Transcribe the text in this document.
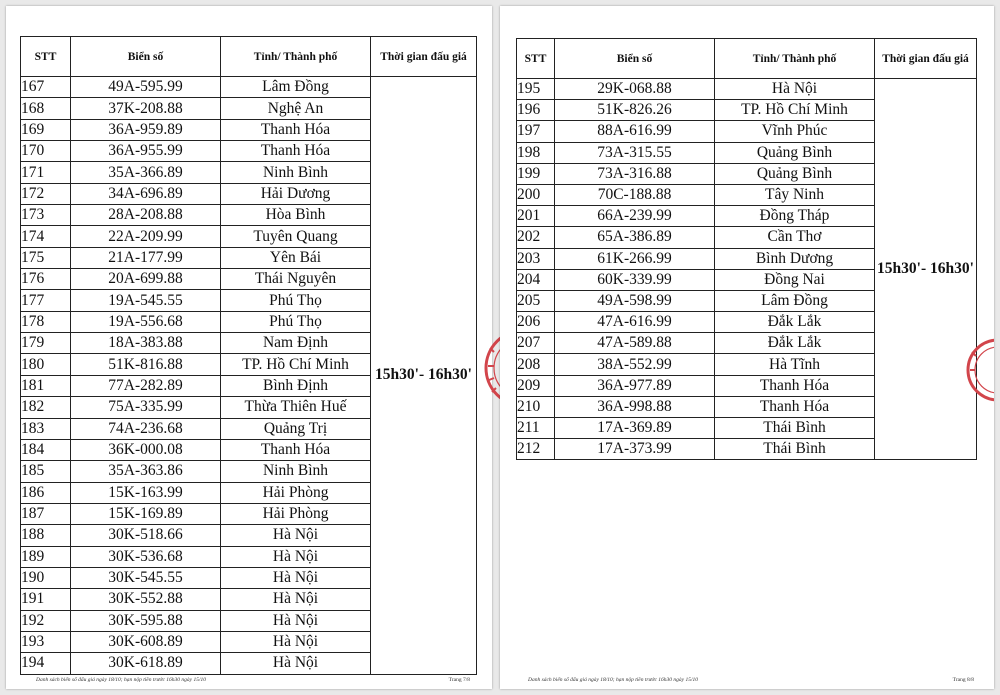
STT	Biển số	Tỉnh/ Thành phố	Thời gian đấu giá
167	49A-595.99	Lâm Đồng	15h30'- 16h30'
168	37K-208.88	Nghệ An	
169	36A-959.89	Thanh Hóa	
170	36A-955.99	Thanh Hóa	
171	35A-366.89	Ninh Bình	
172	34A-696.89	Hải Dương	
173	28A-208.88	Hòa Bình	
174	22A-209.99	Tuyên Quang	
175	21A-177.99	Yên Bái	
176	20A-699.88	Thái Nguyên	
177	19A-545.55	Phú Thọ	
178	19A-556.68	Phú Thọ	
179	18A-383.88	Nam Định	
180	51K-816.88	TP. Hồ Chí Minh	
181	77A-282.89	Bình Định	
182	75A-335.99	Thừa Thiên Huế	
183	74A-236.68	Quảng Trị	
184	36K-000.08	Thanh Hóa	
185	35A-363.86	Ninh Bình	
186	15K-163.99	Hải Phòng	
187	15K-169.89	Hải Phòng	
188	30K-518.66	Hà Nội	
189	30K-536.68	Hà Nội	
190	30K-545.55	Hà Nội	
191	30K-552.88	Hà Nội	
192	30K-595.88	Hà Nội	
193	30K-608.89	Hà Nội	
194	30K-618.89	Hà Nội	
Danh sách biển số đấu giá ngày 18/10; hạn nộp tiền trước 16h30 ngày 15/10	Trang 7/8
STT	Biển số	Tỉnh/ Thành phố	Thời gian đấu giá
195	29K-068.88	Hà Nội	15h30'- 16h30'
196	51K-826.26	TP. Hồ Chí Minh	
197	88A-616.99	Vĩnh Phúc	
198	73A-315.55	Quảng Bình	
199	73A-316.88	Quảng Bình	
200	70C-188.88	Tây Ninh	
201	66A-239.99	Đồng Tháp	
202	65A-386.89	Cần Thơ	
203	61K-266.99	Bình Dương	
204	60K-339.99	Đồng Nai	
205	49A-598.99	Lâm Đồng	
206	47A-616.99	Đắk Lắk	
207	47A-589.88	Đắk Lắk	
208	38A-552.99	Hà Tĩnh	
209	36A-977.89	Thanh Hóa	
210	36A-998.88	Thanh Hóa	
211	17A-369.89	Thái Bình	
212	17A-373.99	Thái Bình	
Danh sách biển số đấu giá ngày 18/10; hạn nộp tiền trước 16h30 ngày 15/10	Trang 8/8
